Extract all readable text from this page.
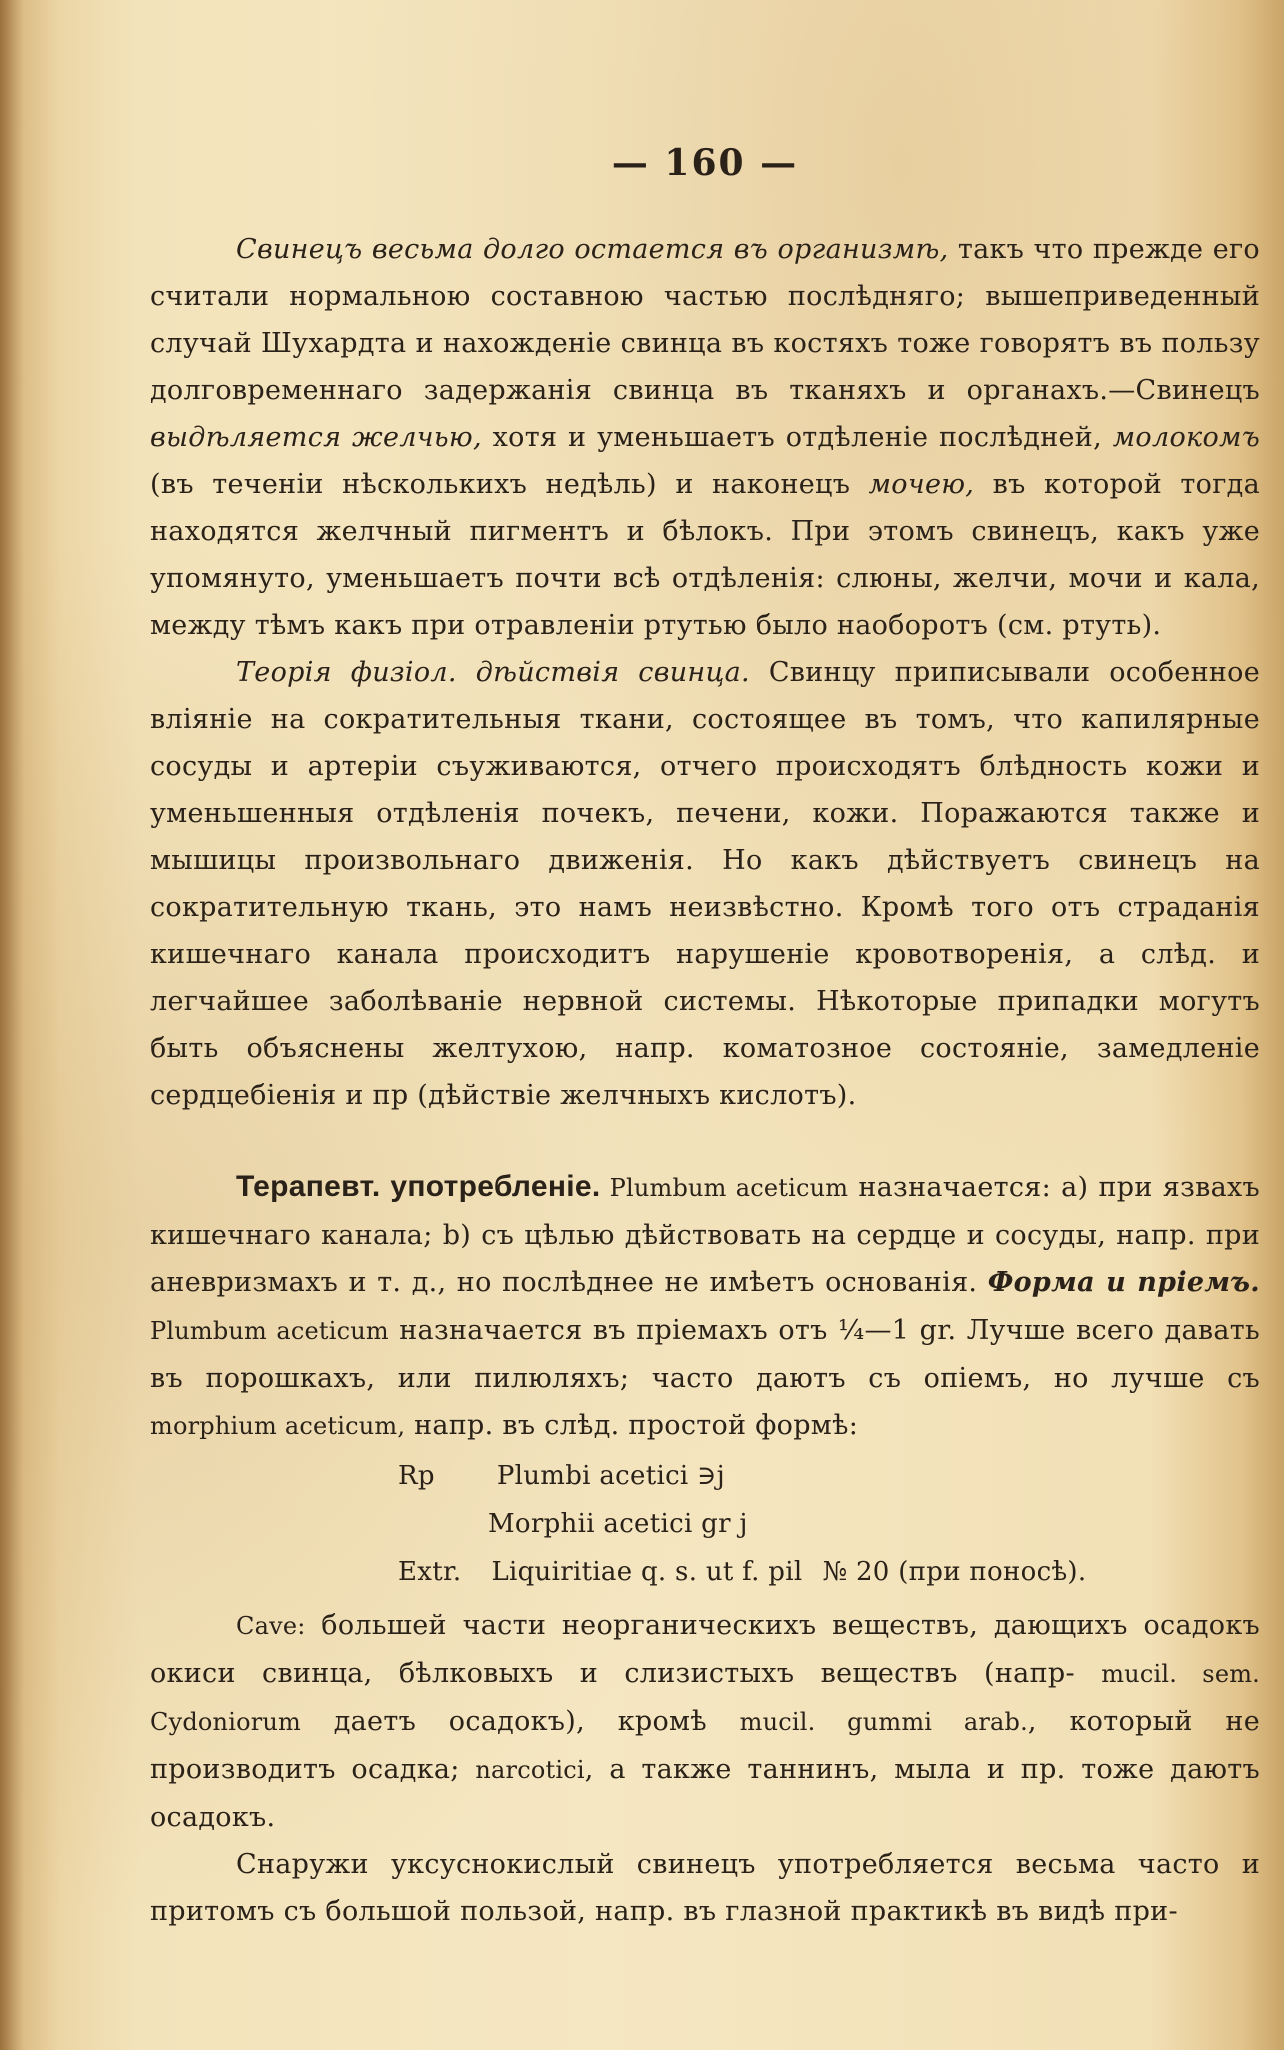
— 160 —

Свинецъ весьма долго остается въ организмѣ, такъ что прежде его считали нормальною составною частью послѣдняго; вышеприведенный случай Шухардта и нахожденіе свинца въ костяхъ тоже говорятъ въ пользу долговременнаго задержанія свинца въ тканяхъ и органахъ.—Свинецъ выдѣляется желчью, хотя и уменьшаетъ отдѣленіе послѣдней, молокомъ (въ теченіи нѣсколькихъ недѣль) и наконецъ мочею, въ которой тогда находятся желчный пигментъ и бѣлокъ. При этомъ свинецъ, какъ уже упомянуто, уменьшаетъ почти всѣ отдѣленія: слюны, желчи, мочи и кала, между тѣмъ какъ при отравленіи ртутью было наоборотъ (см. ртуть).

Теорія физіол. дѣйствія свинца. Свинцу приписывали особенное вліяніе на сократительныя ткани, состоящее въ томъ, что капилярные сосуды и артеріи съуживаются, отчего происходятъ блѣдность кожи и уменьшенныя отдѣленія почекъ, печени, кожи. Поражаются также и мышицы произвольнаго движенія. Но какъ дѣйствуетъ свинецъ на сократительную ткань, это намъ неизвѣстно. Кромѣ того отъ страданія кишечнаго канала происходитъ нарушеніе кровотворенія, а слѣд. и легчайшее заболѣваніе нервной системы. Нѣкоторые припадки могутъ быть объяснены желтухою, напр. коматозное состояніе, замедленіе сердцебіенія и пр (дѣйствіе желчныхъ кислотъ).

Терапевт. употребленіе. Plumbum aceticum назначается: a) при язвахъ кишечнаго канала; b) съ цѣлью дѣйствовать на сердце и сосуды, напр. при аневризмахъ и т. д., но послѣднее не имѣетъ основанія. Форма и пріемъ. Plumbum aceticum назначается въ пріемахъ отъ ¼—1 gr. Лучше всего давать въ порошкахъ, или пилюляхъ; часто даютъ съ опіемъ, но лучше съ morphium aceticum, напр. въ слѣд. простой формѣ:

Rp Plumbi acetici ∋j
Morphii acetici gr j
Extr. Liquiritiae q. s. ut f. pil № 20 (при поносѣ).

Cave: большей части неорганическихъ веществъ, дающихъ осадокъ окиси свинца, бѣлковыхъ и слизистыхъ веществъ (напр- mucil. sem. Cydoniorum даетъ осадокъ), кромѣ mucil. gummi arab., который не производитъ осадка; narcotici, а также таннинъ, мыла и пр. тоже даютъ осадокъ.

Снаружи уксуснокислый свинецъ употребляется весьма часто и притомъ съ большой пользой, напр. въ глазной практикѣ въ видѣ при-
